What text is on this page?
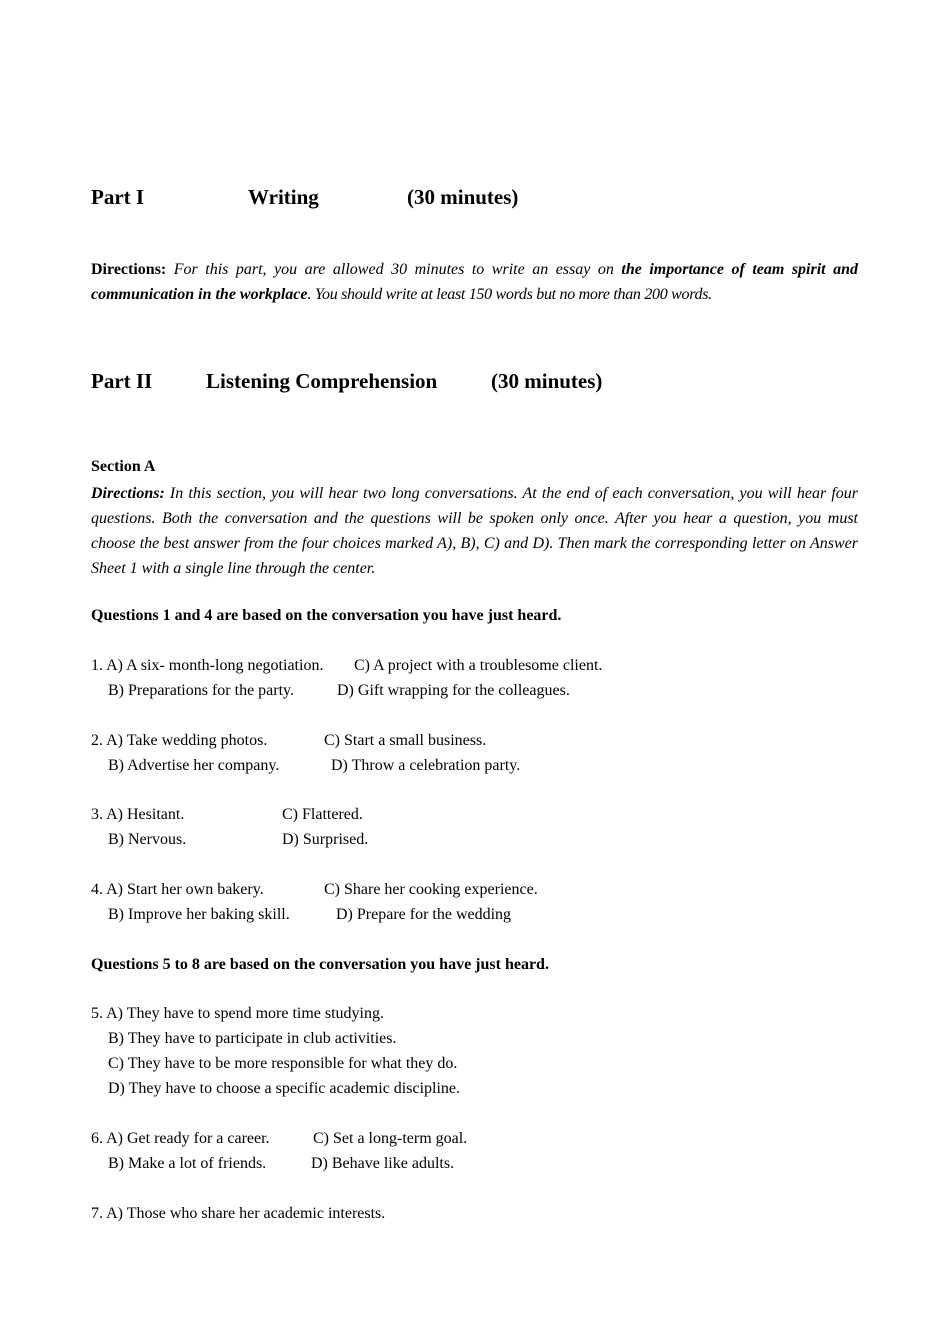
Part I	Writing	(30 minutes)

Directions: For this part, you are allowed 30 minutes to write an essay on the importance of team spirit and communication in the workplace. You should write at least 150 words but no more than 200 words.

Part II	Listening Comprehension	(30 minutes)
Section A

Directions: In this section, you will hear two long conversations. At the end of each conversation, you will hear four questions. Both the conversation and the questions will be spoken only once. After you hear a question, you must choose the best answer from the four choices marked A), B), C) and D). Then mark the corresponding letter on Answer Sheet 1 with a single line through the center.

Questions 1 and 4 are based on the conversation you have just heard.
1. A) A six- month-long negotiation. C) A project with a troublesome client.
B) Preparations for the party.	D) Gift wrapping for the colleagues.
2. A) Take wedding photos.	C) Start a small business.
B) Advertise her company.	D) Throw a celebration party.
3. A) Hesitant.	C) Flattered.
B) Nervous.	D) Surprised.
4. A) Start her own bakery.	C) Share her cooking experience.
B) Improve her baking skill.	D) Prepare for the wedding
Questions 5 to 8 are based on the conversation you have just heard.
5. A) They have to spend more time studying.
B) They have to participate in club activities.
C) They have to be more responsible for what they do.
D) They have to choose a specific academic discipline.
6. A) Get ready for a career.	C) Set a long-term goal.
B) Make a lot of friends.	D) Behave like adults.
7. A) Those who share her academic interests.
